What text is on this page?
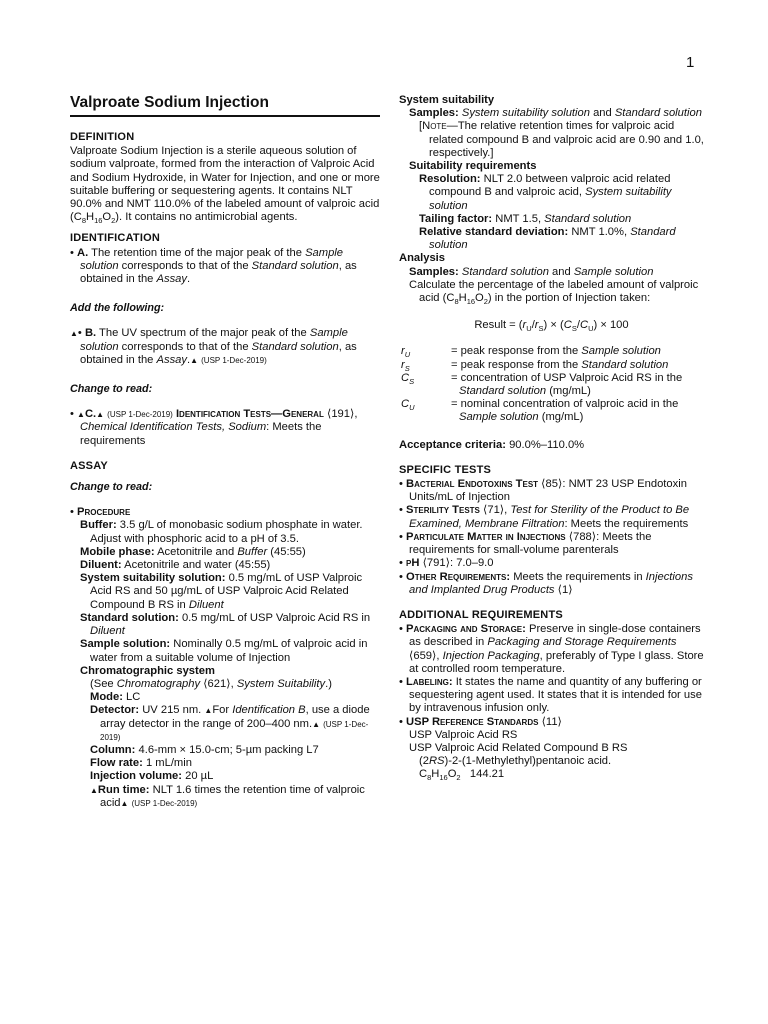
1
Valproate Sodium Injection
DEFINITION

Valproate Sodium Injection is a sterile aqueous solution of sodium valproate, formed from the interaction of Valproic Acid and Sodium Hydroxide, in Water for Injection, and one or more suitable buffering or sequestering agents. It contains NLT 90.0% and NMT 110.0% of the labeled amount of valproic acid $(C_8H_{16}O_2)$. It contains no antimicrobial agents.

IDENTIFICATION

• A. The retention time of the major peak of the Sample solution corresponds to that of the Standard solution, as obtained in the Assay.

Add the following:

▲• B. The UV spectrum of the major peak of the Sample solution corresponds to that of the Standard solution, as obtained in the Assay.▲ (USP 1-Dec-2019)

Change to read:

• ▲C.▲ (USP 1-Dec-2019) Identification Tests—General ⟨191⟩, Chemical Identification Tests, Sodium: Meets the requirements

ASSAY
Change to read:

• Procedure

Buffer: 3.5 g/L of monobasic sodium phosphate in water. Adjust with phosphoric acid to a pH of 3.5.

Mobile phase: Acetonitrile and Buffer (45:55)

Diluent: Acetonitrile and water (45:55)

System suitability solution: 0.5 mg/mL of USP Valproic Acid RS and 50 µg/mL of USP Valproic Acid Related Compound B RS in Diluent

Standard solution: 0.5 mg/mL of USP Valproic Acid RS in Diluent

Sample solution: Nominally 0.5 mg/mL of valproic acid in water from a suitable volume of Injection

Chromatographic system

(See Chromatography ⟨621⟩, System Suitability.)

Mode: LC

Detector: UV 215 nm. ▲For Identification B, use a diode array detector in the range of 200–400 nm.▲ (USP 1-Dec-2019)

Column: 4.6-mm × 15.0-cm; 5-µm packing L7

Flow rate: 1 mL/min

Injection volume: 20 µL

▲Run time: NLT 1.6 times the retention time of valproic acid▲ (USP 1-Dec-2019)

System suitability

Samples: System suitability solution and Standard solution

[Note—The relative retention times for valproic acid related compound B and valproic acid are 0.90 and 1.0, respectively.]

Suitability requirements

Resolution: NLT 2.0 between valproic acid related compound B and valproic acid, System suitability solution

Tailing factor: NMT 1.5, Standard solution

Relative standard deviation: NMT 1.0%, Standard solution

Analysis

Samples: Standard solution and Sample solution

Calculate the percentage of the labeled amount of valproic acid $(C_8H_{16}O_2)$ in the portion of Injection taken:

Result = $(r_U/r_S) \times (C_S/C_U) \times 100$

$r_U$	= peak response from the Sample solution
$r_S$	= peak response from the Standard solution
$C_S$	= concentration of USP Valproic Acid RS in the Standard solution (mg/mL)
$C_U$	= nominal concentration of valproic acid in the Sample solution (mg/mL)

Acceptance criteria: 90.0%–110.0%

SPECIFIC TESTS

• Bacterial Endotoxins Test ⟨85⟩: NMT 23 USP Endotoxin Units/mL of Injection

• Sterility Tests ⟨71⟩, Test for Sterility of the Product to Be Examined, Membrane Filtration: Meets the requirements

• Particulate Matter in Injections ⟨788⟩: Meets the requirements for small-volume parenterals

• pH ⟨791⟩: 7.0–9.0

• Other Requirements: Meets the requirements in Injections and Implanted Drug Products ⟨1⟩

ADDITIONAL REQUIREMENTS

• Packaging and Storage: Preserve in single-dose containers as described in Packaging and Storage Requirements ⟨659⟩, Injection Packaging, preferably of Type I glass. Store at controlled room temperature.

• Labeling: It states the name and quantity of any buffering or sequestering agent used. It states that it is intended for use by intravenous infusion only.

• USP Reference Standards ⟨11⟩

USP Valproic Acid RS

USP Valproic Acid Related Compound B RS

(2RS)-2-(1-Methylethyl)pentanoic acid.

$C_8H_{16}O_2$   144.21
